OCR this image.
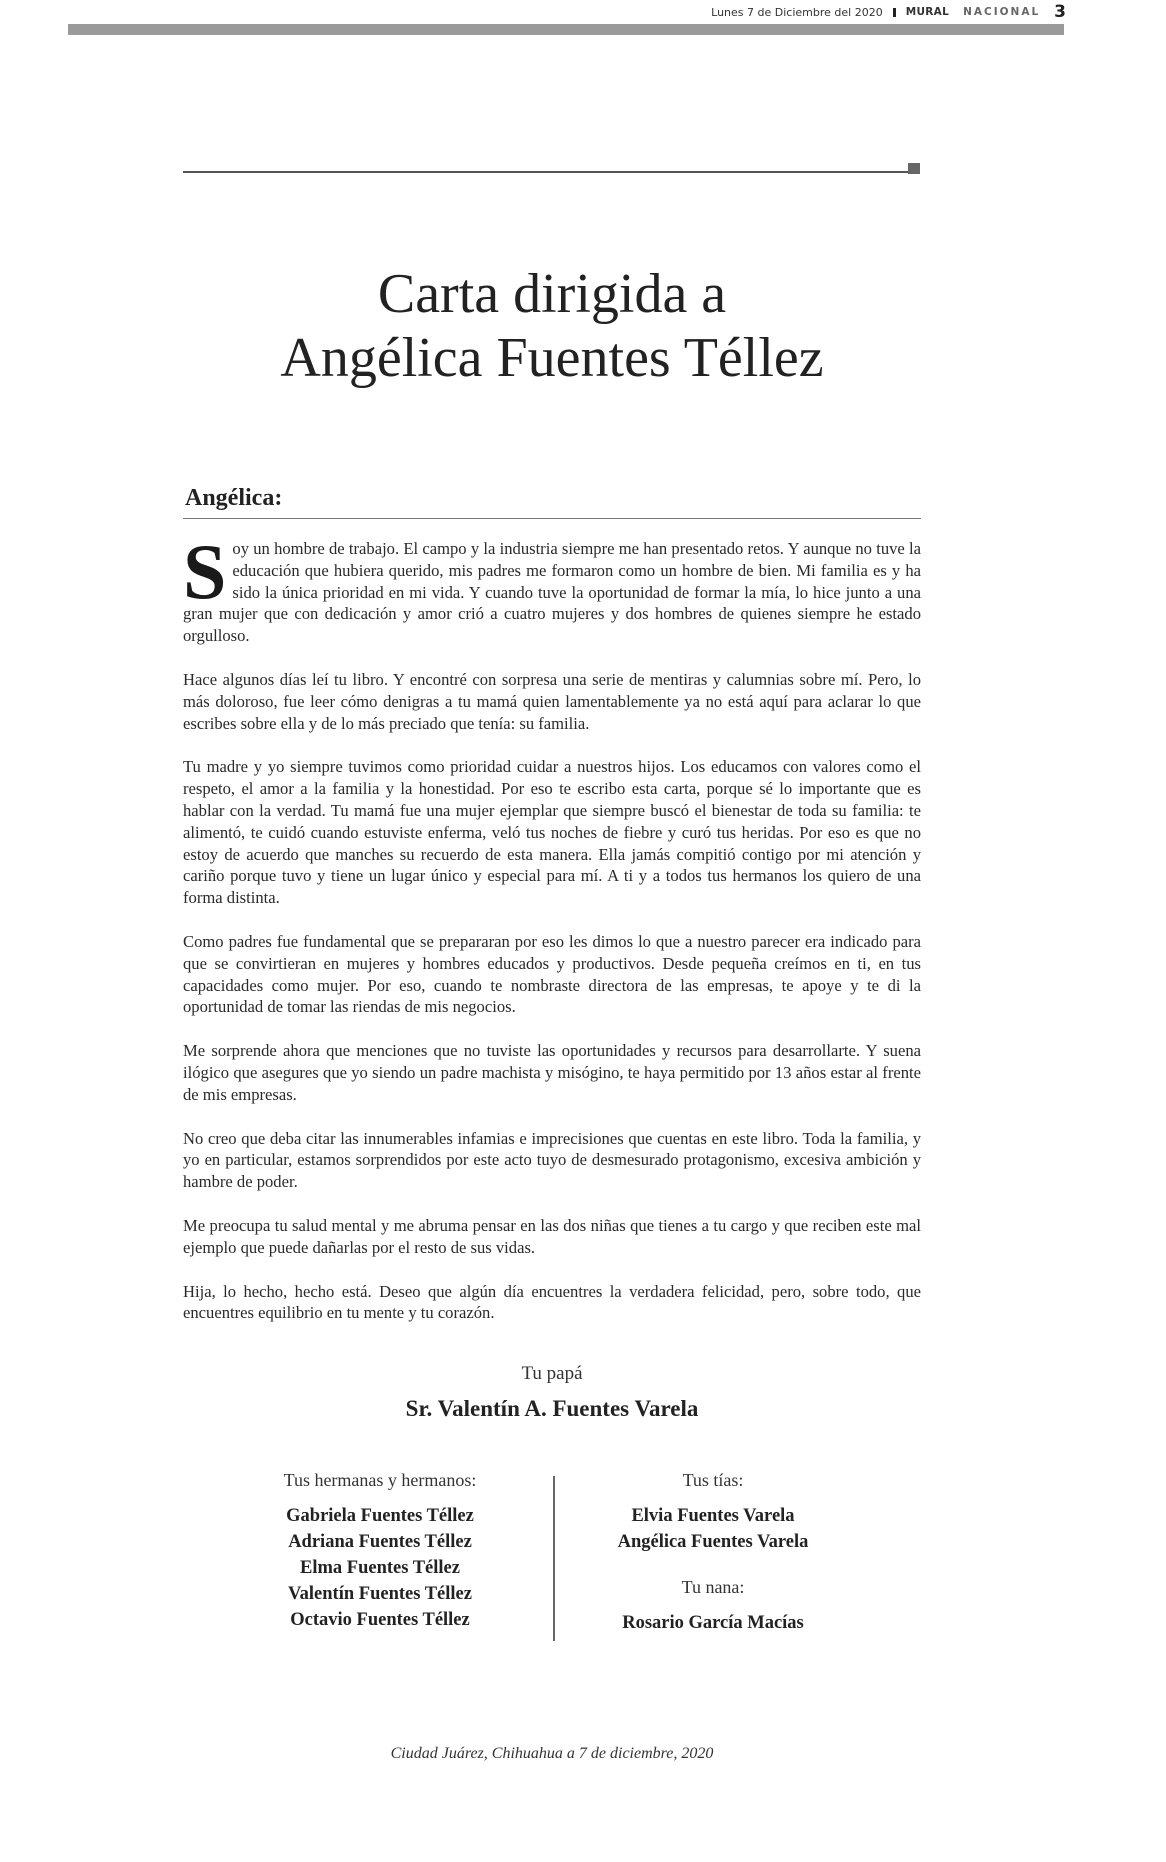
Lunes 7 de Diciembre del 2020 MURAL NACIONAL 3
Carta dirigida a
Angélica Fuentes Téllez
Angélica:

Soy un hombre de trabajo. El campo y la industria siempre me han presentado retos. Y aunque no tuve la educación que hubiera querido, mis padres me formaron como un hombre de bien. Mi familia es y ha sido la única prioridad en mi vida. Y cuando tuve la oportunidad de formar la mía, lo hice junto a una gran mujer que con dedicación y amor crió a cuatro mujeres y dos hombres de quienes siempre he estado orgulloso.

Hace algunos días leí tu libro. Y encontré con sorpresa una serie de mentiras y calumnias sobre mí. Pero, lo más doloroso, fue leer cómo denigras a tu mamá quien lamentablemente ya no está aquí para aclarar lo que escribes sobre ella y de lo más preciado que tenía: su familia.

Tu madre y yo siempre tuvimos como prioridad cuidar a nuestros hijos. Los educamos con valores como el respeto, el amor a la familia y la honestidad. Por eso te escribo esta carta, porque sé lo importante que es hablar con la verdad. Tu mamá fue una mujer ejemplar que siempre buscó el bienestar de toda su familia: te alimentó, te cuidó cuando estuviste enferma, veló tus noches de fiebre y curó tus heridas. Por eso es que no estoy de acuerdo que manches su recuerdo de esta manera. Ella jamás compitió contigo por mi atención y cariño porque tuvo y tiene un lugar único y especial para mí. A ti y a todos tus hermanos los quiero de una forma distinta.

Como padres fue fundamental que se prepararan por eso les dimos lo que a nuestro parecer era indicado para que se convirtieran en mujeres y hombres educados y productivos. Desde pequeña creímos en ti, en tus capacidades como mujer. Por eso, cuando te nombraste directora de las empresas, te apoye y te di la oportunidad de tomar las riendas de mis negocios.

Me sorprende ahora que menciones que no tuviste las oportunidades y recursos para desarrollarte. Y suena ilógico que asegures que yo siendo un padre machista y misógino, te haya permitido por 13 años estar al frente de mis empresas.

No creo que deba citar las innumerables infamias e imprecisiones que cuentas en este libro. Toda la familia, y yo en particular, estamos sorprendidos por este acto tuyo de desmesurado protagonismo, excesiva ambición y hambre de poder.

Me preocupa tu salud mental y me abruma pensar en las dos niñas que tienes a tu cargo y que reciben este mal ejemplo que puede dañarlas por el resto de sus vidas.

Hija, lo hecho, hecho está. Deseo que algún día encuentres la verdadera felicidad, pero, sobre todo, que encuentres equilibrio en tu mente y tu corazón.

Tu papá
Sr. Valentín A. Fuentes Varela
Tus hermanas y hermanos:
Gabriela Fuentes Téllez
Adriana Fuentes Téllez
Elma Fuentes Téllez
Valentín Fuentes Téllez
Octavio Fuentes Téllez
Tus tías:
Elvia Fuentes Varela
Angélica Fuentes Varela
Tu nana:
Rosario García Macías
Ciudad Juárez, Chihuahua a 7 de diciembre, 2020
